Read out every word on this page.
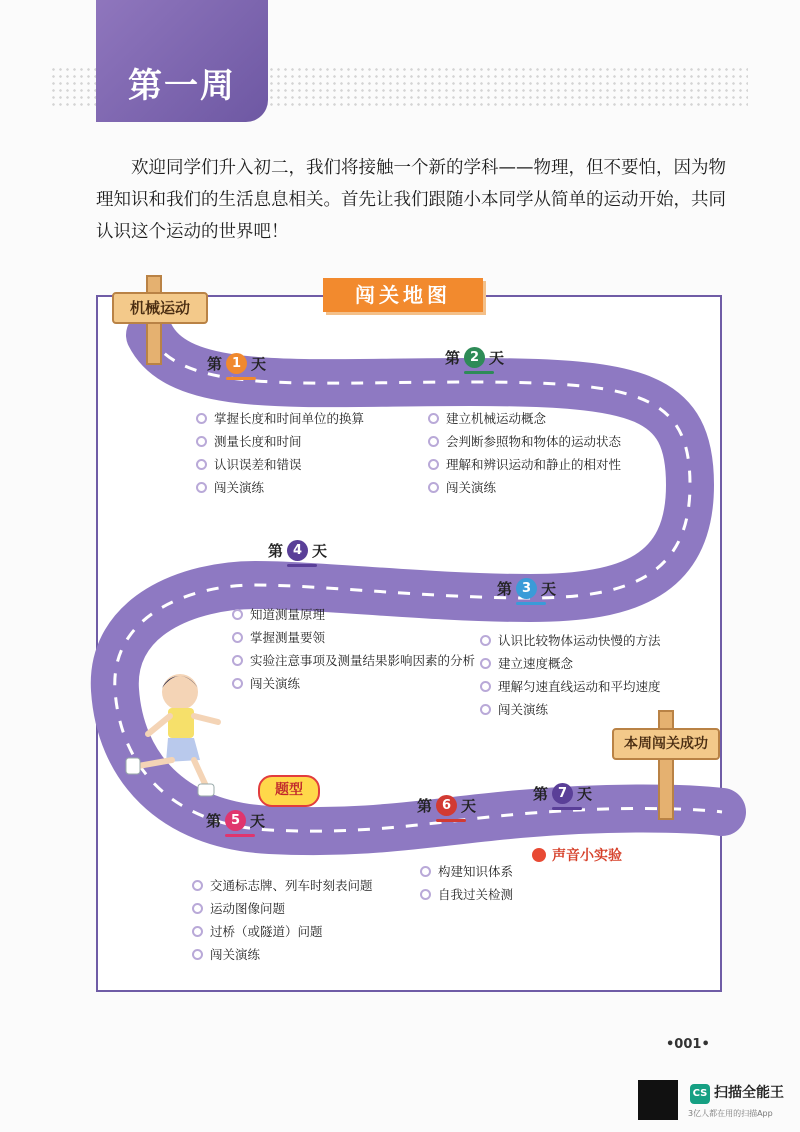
第一周

欢迎同学们升入初二，我们将接触一个新的学科——物理，但不要怕，因为物理知识和我们的生活息息相关。首先让我们跟随小本同学从简单的运动开始，共同认识这个运动的世界吧！

机械运动
本周闯关成功
闯关地图
第 1 天
掌握长度和时间单位的换算
测量长度和时间
认识误差和错误
闯关演练
第 2 天
建立机械运动概念
会判断参照物和物体的运动状态
理解和辨识运动和静止的相对性
闯关演练
第 4 天
知道测量原理
掌握测量要领
实验注意事项及测量结果影响因素的分析
闯关演练
第 3 天
认识比较物体运动快慢的方法
建立速度概念
理解匀速直线运动和平均速度
闯关演练
第 7 天
第 6 天
构建知识体系
自我过关检测
题型
第 5 天
交通标志牌、列车时刻表问题
运动图像问题
过桥（或隧道）问题
闯关演练
声音小实验
•001•
CS 扫描全能王
3亿人都在用的扫描App
